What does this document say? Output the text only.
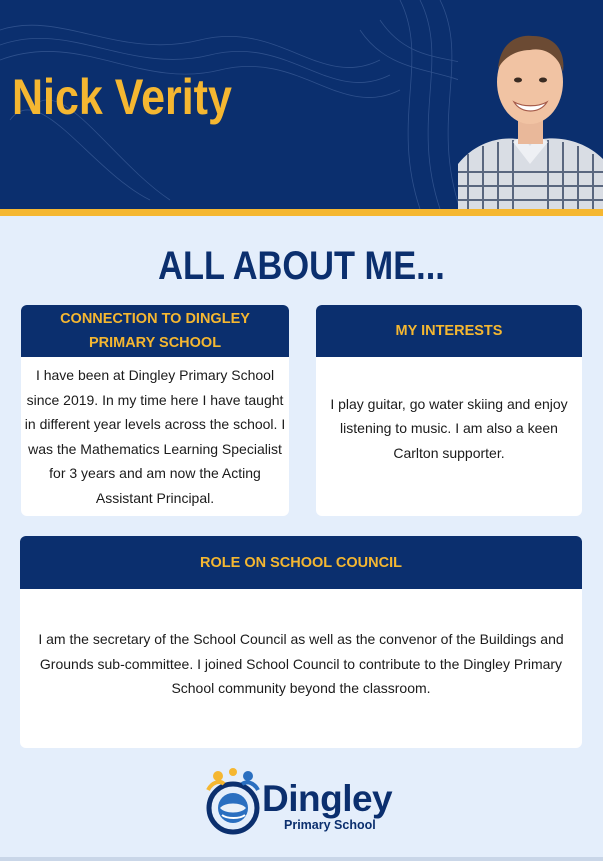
Nick Verity
ALL ABOUT ME...
CONNECTION TO DINGLEY
PRIMARY SCHOOL
I have been at Dingley Primary School
since 2019. In my time here I have taught
in different year levels across the school. I
was the Mathematics Learning Specialist
for 3 years and am now the Acting
Assistant Principal.
MY INTERESTS
I play guitar, go water skiing and enjoy
listening to music. I am also a keen
Carlton supporter.
ROLE ON SCHOOL COUNCIL
I am the secretary of the School Council as well as the convenor of the Buildings and
Grounds sub-committee. I joined School Council to contribute to the Dingley Primary
School community beyond the classroom.
Dingley
Primary School
